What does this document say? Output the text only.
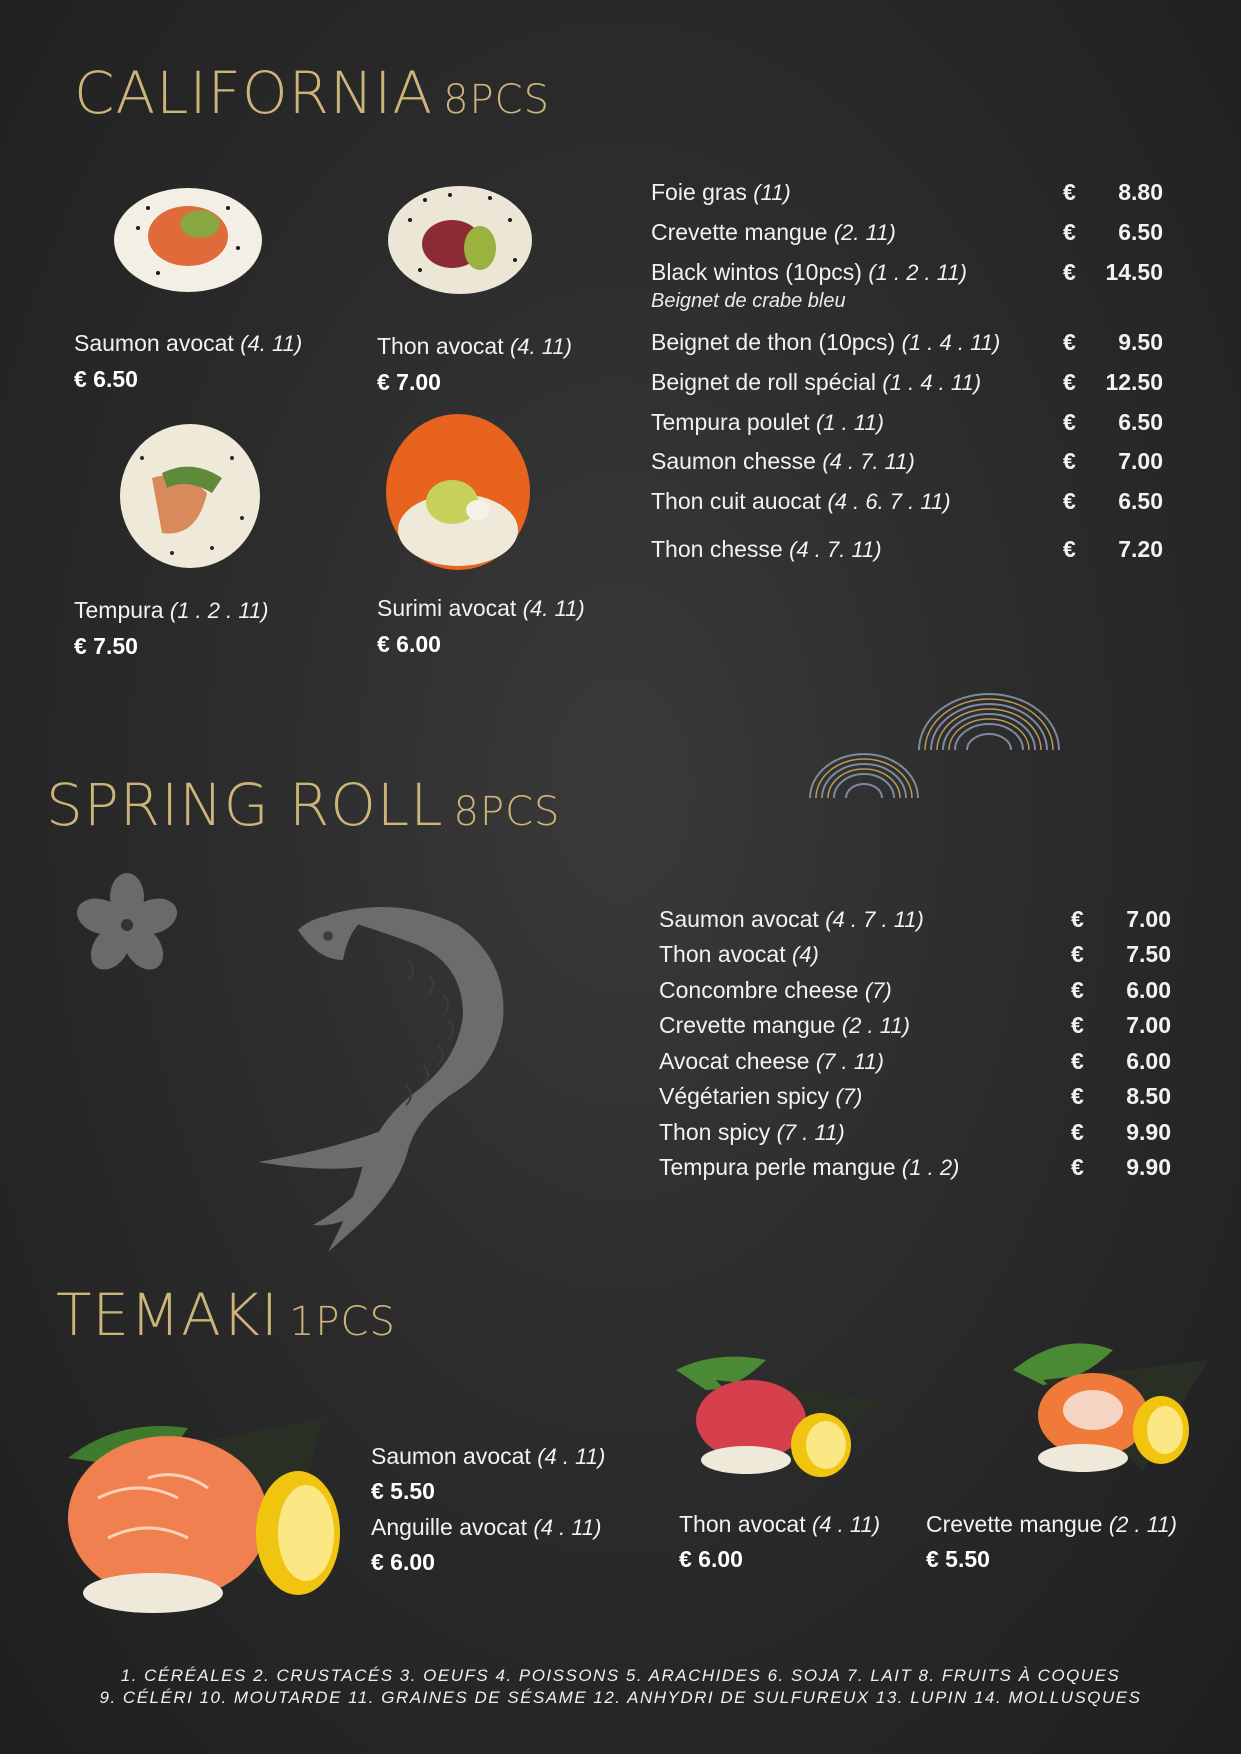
CALIFORNIA 8PCS
Saumon avocat (4. 11)
€ 6.50
Thon avocat (4. 11)
€ 7.00
Tempura (1 . 2 . 11)
€ 7.50
Surimi avocat (4. 11)
€ 6.00
Foie gras (11)	€	8.80
Crevette mangue (2. 11)	€	6.50
Black wintos (10pcs) (1 . 2 . 11)	€	14.50
Beignet de crabe bleu
Beignet de thon (10pcs) (1 . 4 . 11)	€	9.50
Beignet de roll spécial (1 . 4 . 11)	€	12.50
Tempura poulet (1 . 11)	€	6.50
Saumon chesse (4 . 7. 11)	€	7.00
Thon cuit auocat (4 . 6. 7 . 11)	€	6.50
Thon chesse (4 . 7. 11)	€	7.20
SPRING ROLL 8PCS
Saumon avocat (4 . 7 . 11)	€	7.00
Thon avocat (4)	€	7.50
Concombre cheese (7)	€	6.00
Crevette mangue (2 . 11)	€	7.00
Avocat cheese (7 . 11)	€	6.00
Végétarien spicy (7)	€	8.50
Thon spicy (7 . 11)	€	9.90
Tempura perle mangue (1 . 2)	€	9.90
TEMAKI 1PCS
Saumon avocat (4 . 11)
€ 5.50
Anguille avocat (4 . 11)
€ 6.00
Thon avocat (4 . 11)
€ 6.00
Crevette mangue (2 . 11)
€ 5.50
1. CÉRÉALES 2. CRUSTACÉS 3. OEUFS 4. POISSONS 5. ARACHIDES 6. SOJA 7. LAIT 8. FRUITS À COQUES
9. CÉLÉRI 10. MOUTARDE 11. GRAINES DE SÉSAME 12. ANHYDRI DE SULFUREUX 13. LUPIN 14. MOLLUSQUES
